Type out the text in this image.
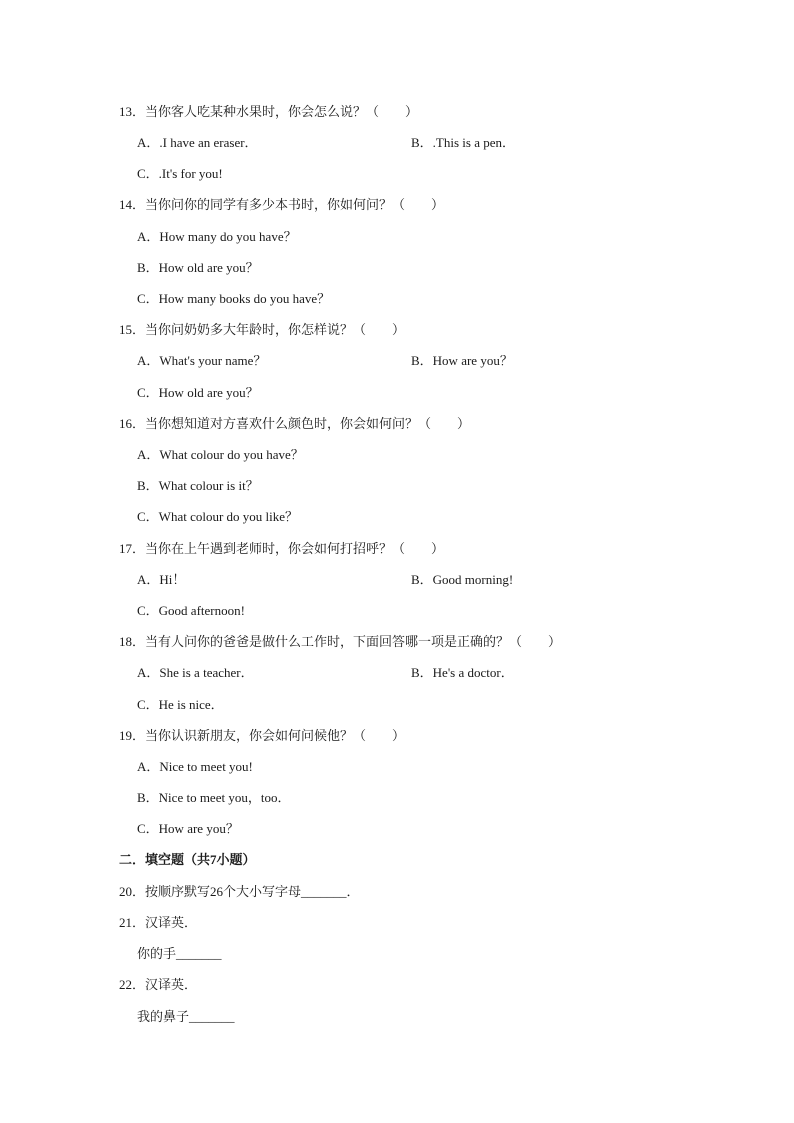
13．当你客人吃某种水果时，你会怎么说？（　　）
A．.I have an eraser．	B．.This is a pen．
C．.It's for you!
14．当你问你的同学有多少本书时，你如何问？（　　）
A．How many do you have？
B．How old are you？
C．How many books do you have？
15．当你问奶奶多大年龄时，你怎样说？（　　）
A．What's your name？	B．How are you？
C．How old are you？
16．当你想知道对方喜欢什么颜色时，你会如何问？（　　）
A．What colour do you have？
B．What colour is it？
C．What colour do you like？
17．当你在上午遇到老师时，你会如何打招呼？（　　）
A．Hi！	B．Good morning!
C．Good afternoon!
18．当有人问你的爸爸是做什么工作时，下面回答哪一项是正确的？（　　）
A．She is a teacher．	B．He's a doctor．
C．He is nice．
19．当你认识新朋友，你会如何问候他？（　　）
A．Nice to meet you!
B．Nice to meet you，too．
C．How are you？
二．填空题（共7小题）
20．按顺序默写26个大小写字母_______．
21．汉译英．
你的手_______
22．汉译英．
我的鼻子_______
